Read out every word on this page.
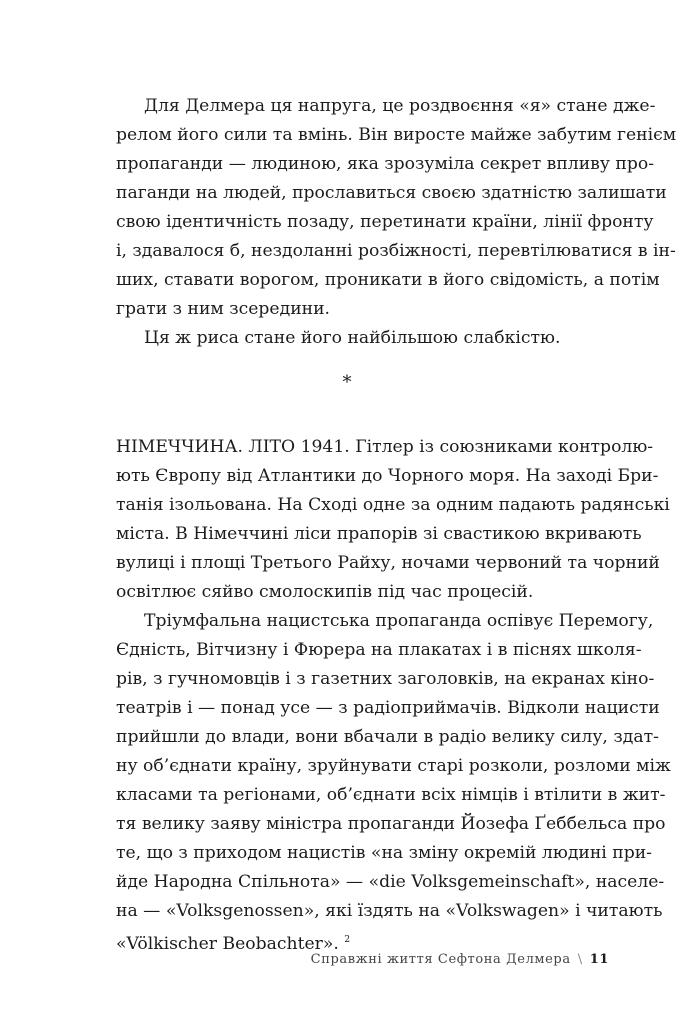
Для Делмера ця напруга, це роздвоєння «я» стане дже-
релом його сили та вмінь. Він виросте майже забутим генієм
пропаганди — людиною, яка зрозуміла секрет впливу про-
паганди на людей, прославиться своєю здатністю залишати
свою ідентичність позаду, перетинати країни, лінії фронту
і, здавалося б, нездоланні розбіжності, перевтілюватися в ін-
ших, ставати ворогом, проникати в його свідомість, а потім
грати з ним зсередини.
Ця ж риса стане його найбільшою слабкістю.
*
НІМЕЧЧИНА. ЛІТО 1941. Гітлер із союзниками контролю-
ють Європу від Атлантики до Чорного моря. На заході Бри-
танія ізольована. На Сході одне за одним падають радянські
міста. В Німеччині ліси прапорів зі свастикою вкривають
вулиці і площі Третього Райху, ночами червоний та чорний
освітлює сяйво смолоскипів під час процесій.
Тріумфальна нацистська пропаганда оспівує Перемогу,
Єдність, Вітчизну і Фюрера на плакатах і в піснях школя-
рів, з гучномовців і з газетних заголовків, на екранах кіно-
театрів і — понад усе — з радіоприймачів. Відколи нацисти
прийшли до влади, вони вбачали в радіо велику силу, здат-
ну об’єднати країну, зруйнувати старі розколи, розломи між
класами та регіонами, об’єднати всіх німців і втілити в жит-
тя велику заяву міністра пропаганди Йозефа Ґеббельса про
те, що з приходом нацистів «на зміну окремій людині при-
йде Народна Спільнота» — «die Volksgemeinschaft», населе-
на — «Volksgenossen», які їздять на «Volkswagen» і читають
«Völkischer Beobachter». $^2$
Справжні життя Сефтона Делмера \ 11
